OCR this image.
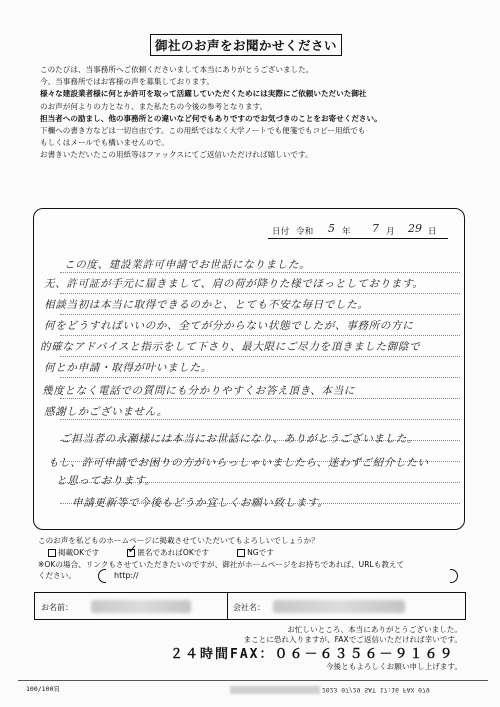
御社のお声をお聞かせください

このたびは、当事務所へご依頼くださいまして本当にありがとうございました。

今、当事務所ではお客様の声を募集しております。

様々な建設業者様に何とか許可を取って活躍していただくためには実際にご依頼いただいた御社

のお声が何よりの力となり、また私たちの今後の参考となります。

担当者への励まし、他の事務所との違いなど何でもありですのでお気づきのことをお寄せください。

下欄への書き方などは一切自由です。この用紙ではなく大学ノートでも便箋でもコピー用紙でも

もしくはメールでも構いませんので。

お書きいただいたこの用紙等はファックスにてご返信いただければ嬉しいです。

日付 令和 5 年 7 月 29 日
この度、建設業許可申請でお世話になりました。
无、許可証が手元に届きまして、肩の荷が降りた様でほっとしております。
相談当初は本当に取得できるのかと、とても不安な毎日でした。
何をどうすればいいのか、全てが分からない状態でしたが、事務所の方に
的確なアドバイスと指示をして下さり、最大限にご尽力を頂きました御陰で
何とか申請・取得が叶いました。
幾度となく電話での質問にも分かりやすくお答え頂き、本当に
感謝しかございません。
ご担当者の永瀬様には本当にお世話になり、ありがとうございました。
もし、許可申請でお困りの方がいらっしゃいましたら、迷わずご紹介したい
と思っております。
申請更新等で今後もどうか宜しくお願い致します。

このお声を私どものホームページに掲載させていただいてもよろしいでしょうか？

掲載OKです
✓	匿名であればOKです	NGです

※OKの場合、リンクもさせていただきたいのですが、御社がホームページをお持ちであれば、URLも教えて

ください。	http://
お名前：	会社名：
お忙しいところ、本当にありがとうございました。
まことに恐れ入りますが、FAXでご返信いただければ幸いです。
２４時間FAX：０６－６３５６－９１６９
今後ともよろしくお願い申し上げます。
100/100頁	2023 07/29 SAT 17:16 FAX 079
